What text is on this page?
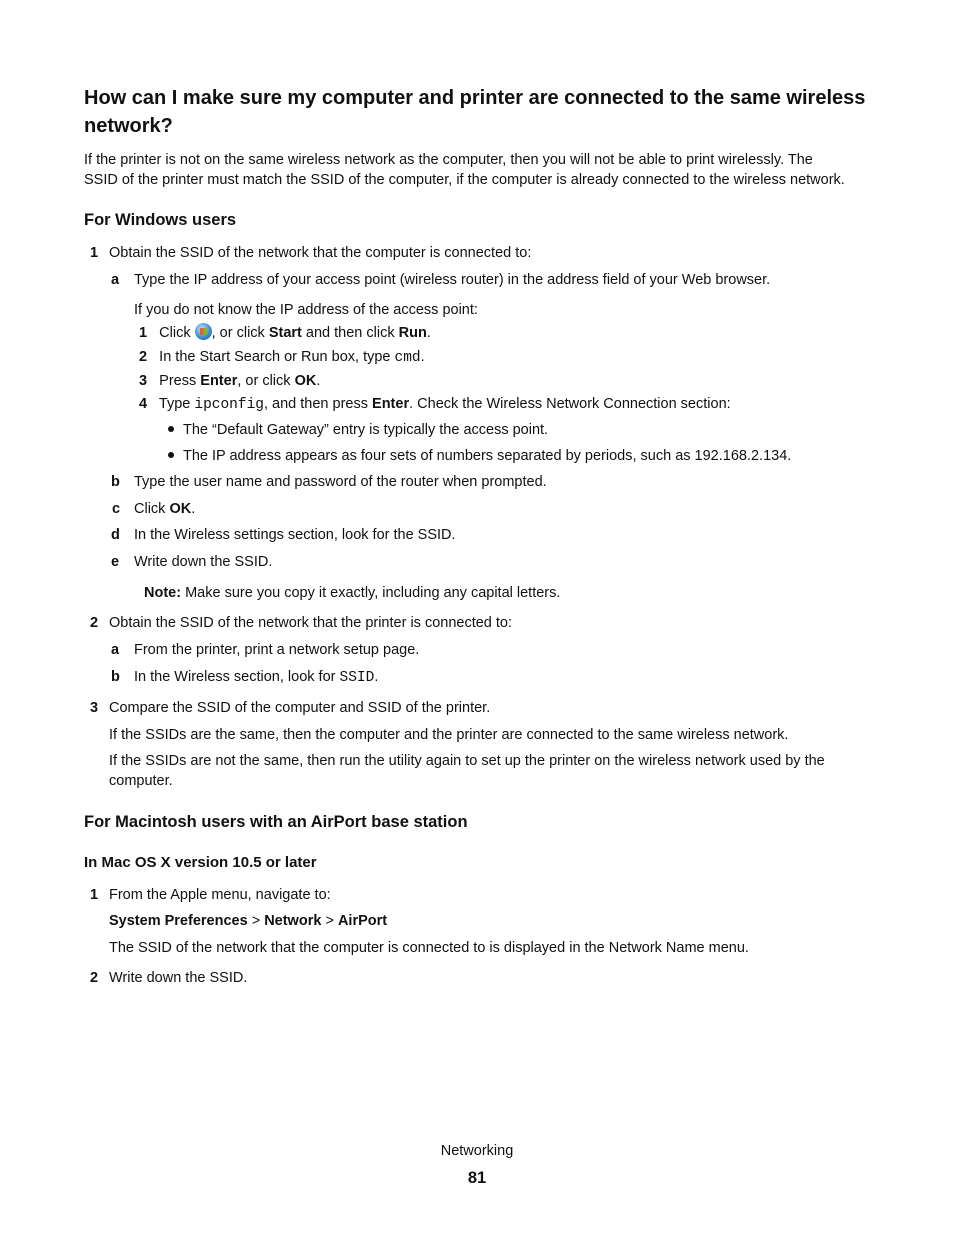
How can I make sure my computer and printer are connected to the same wireless network?
If the printer is not on the same wireless network as the computer, then you will not be able to print wirelessly. The
SSID of the printer must match the SSID of the computer, if the computer is already connected to the wireless network.
For Windows users
1 Obtain the SSID of the network that the computer is connected to:
a Type the IP address of your access point (wireless router) in the address field of your Web browser.
If you do not know the IP address of the access point:
1 Click , or click Start and then click Run.
2 In the Start Search or Run box, type cmd.
3 Press Enter, or click OK.
4 Type ipconfig, and then press Enter. Check the Wireless Network Connection section:
The “Default Gateway” entry is typically the access point.
The IP address appears as four sets of numbers separated by periods, such as 192.168.2.134.
b Type the user name and password of the router when prompted.
c Click OK.
d In the Wireless settings section, look for the SSID.
e Write down the SSID.
Note: Make sure you copy it exactly, including any capital letters.
2 Obtain the SSID of the network that the printer is connected to:
a From the printer, print a network setup page.
b In the Wireless section, look for SSID.
3 Compare the SSID of the computer and SSID of the printer.
If the SSIDs are the same, then the computer and the printer are connected to the same wireless network.
If the SSIDs are not the same, then run the utility again to set up the printer on the wireless network used by the
computer.
For Macintosh users with an AirPort base station
In Mac OS X version 10.5 or later
1 From the Apple menu, navigate to:
System Preferences > Network > AirPort
The SSID of the network that the computer is connected to is displayed in the Network Name menu.
2 Write down the SSID.
Networking
81
